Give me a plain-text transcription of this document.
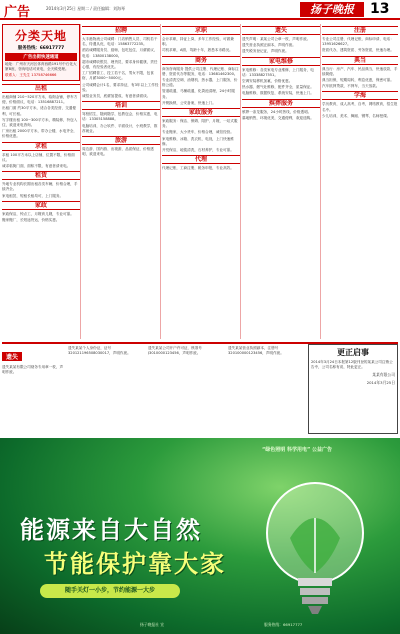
广告	2014年3月25日 星期二 / 责任编辑：刘海琴	扬子晚报	13
分类天地
服务热线：66917777
广告出街快速通道
地址：广州市天河区体育西路191号中石化大厦B座，咨询电话可来电，全天候受理。
联系人：王先生 13758746666
出租
出租商铺 210~520平方米，临街金铺，停车方便，价格面议，电话：13516887211。
出租门面 约30平方米，适合各类经营，交通便利，可长租。
写字楼出租 100~300平方米，精装修，拎包入住，欢迎来电咨询。
厂房出租 2000平方米，带办公楼，水电齐全，价格优惠。
求租
求租 100平方米以上店铺，位置不限，价格面议。
诚求临街门面，面积不限，有意者请来电。
租赁
外地专业机构长期出租各类车辆，价格合理，手续齐全。
家电租赁，短租长租均可，上门服务。
家政
家政保洁，钟点工，月嫂育儿嫂，专业可靠。
搬家搬厂，长短途货运，价格实惠。
招聘
大丰港物流公司诚聘：门店销售人员、司机若干名，待遇从优，电话：15863772235。
酒店诚聘服务员、厨师，包吃包住，月薪面议，电话：13800138000。
超市诚聘收银员、理货员，要求身体健康，责任心强，有经验者优先。
工厂招聘普工、技工若干名，男女不限，包食宿，月薪3000~5000元。
公司诚聘会计1名，要求持证，有3年以上工作经验。
诚招业务员，底薪加提成，有意者请面谈。
培训
驾校招生，随到随学，包教包会，价格实惠，电话：13305158888。
电脑培训，办公软件、平面设计，小班教学，推荐就业。
旅游
周边游、国内游、出境游，品质保证，价格透明，欢迎来电。
求职
会计求职，持证上岗，多年工作经验，可做兼职。
司机求职，A照，驾龄十年，熟悉本市路况。
商务
商务咨询服务 提供公司注册、代理记账、商标注册、资质代办等服务，电话：13681462300。
专业清洗空调、油烟机、热水器，上门服务，价格公道。
管道疏通，马桶疏通，化粪池清理，24小时服务。
开锁换锁，公安备案，快速上门。
家政服务
家政服务：保洁、保姆、陪护、月嫂，一站式服务。
专业搬家，大小货车，价格合理，诚信经营。
家电维修，冰箱、洗衣机、电视，上门快速维修。
开荒保洁，地毯清洗，石材养护，专业可靠。
代理
代理记账，工商注册，税务申报，专业高效。
遗失
遗失声明：某某公司公章一枚，声明作废。
遗失营业执照正副本，声明作废。
遗失税务登记证，声明作废。
家电维修
家电维修：各类家电专业维修，上门服务，电话：13338827551。
空调安装移机加氟，价格优惠。
热水器、燃气灶维修，配件齐全，质量保证。
电脑维修，数据恢复，系统安装，快速上门。
殡葬服务
殡葬一条龙服务，24小时热线，价格透明。
墓地销售，环境优美，交通便利，欢迎选购。
注册
专业公司注册，代理记账，商标申请，电话：13951626627。
资质代办，建筑资质、劳务资质，快速办理。
典当
典当行：房产、汽车、民品典当，快速放款，手续简便。
典当担保，短期周转，利息优惠，保密可靠。
汽车抵押贷款，不押车，当天放款。
学海
学历教育，成人高考，自考，网络教育，招生报名中。
少儿培训，美术、舞蹈、钢琴，名师授课。
遗失
遗失某某有限公司财务专用章一枚，声明作废。
遗失某某个人身份证，证号 320121196508030017，声明作废。
遗失某某公司开户许可证，核准号 J3010000123456，声明作废。
遗失某某营业执照副本，注册号 320100000123456，声明作废。	更正启事
2014年3月24日本报第12版刊登的某某公司注销公告中，公司名称有误，特此更正。
某某有限公司
2014年3月25日
“绿色照明 科学用电” 公益广告
能源来自大自然
节能保护靠大家
随手关灯一小步，节约能源一大步
扬子晚报社 宣	服务热线：66917777
